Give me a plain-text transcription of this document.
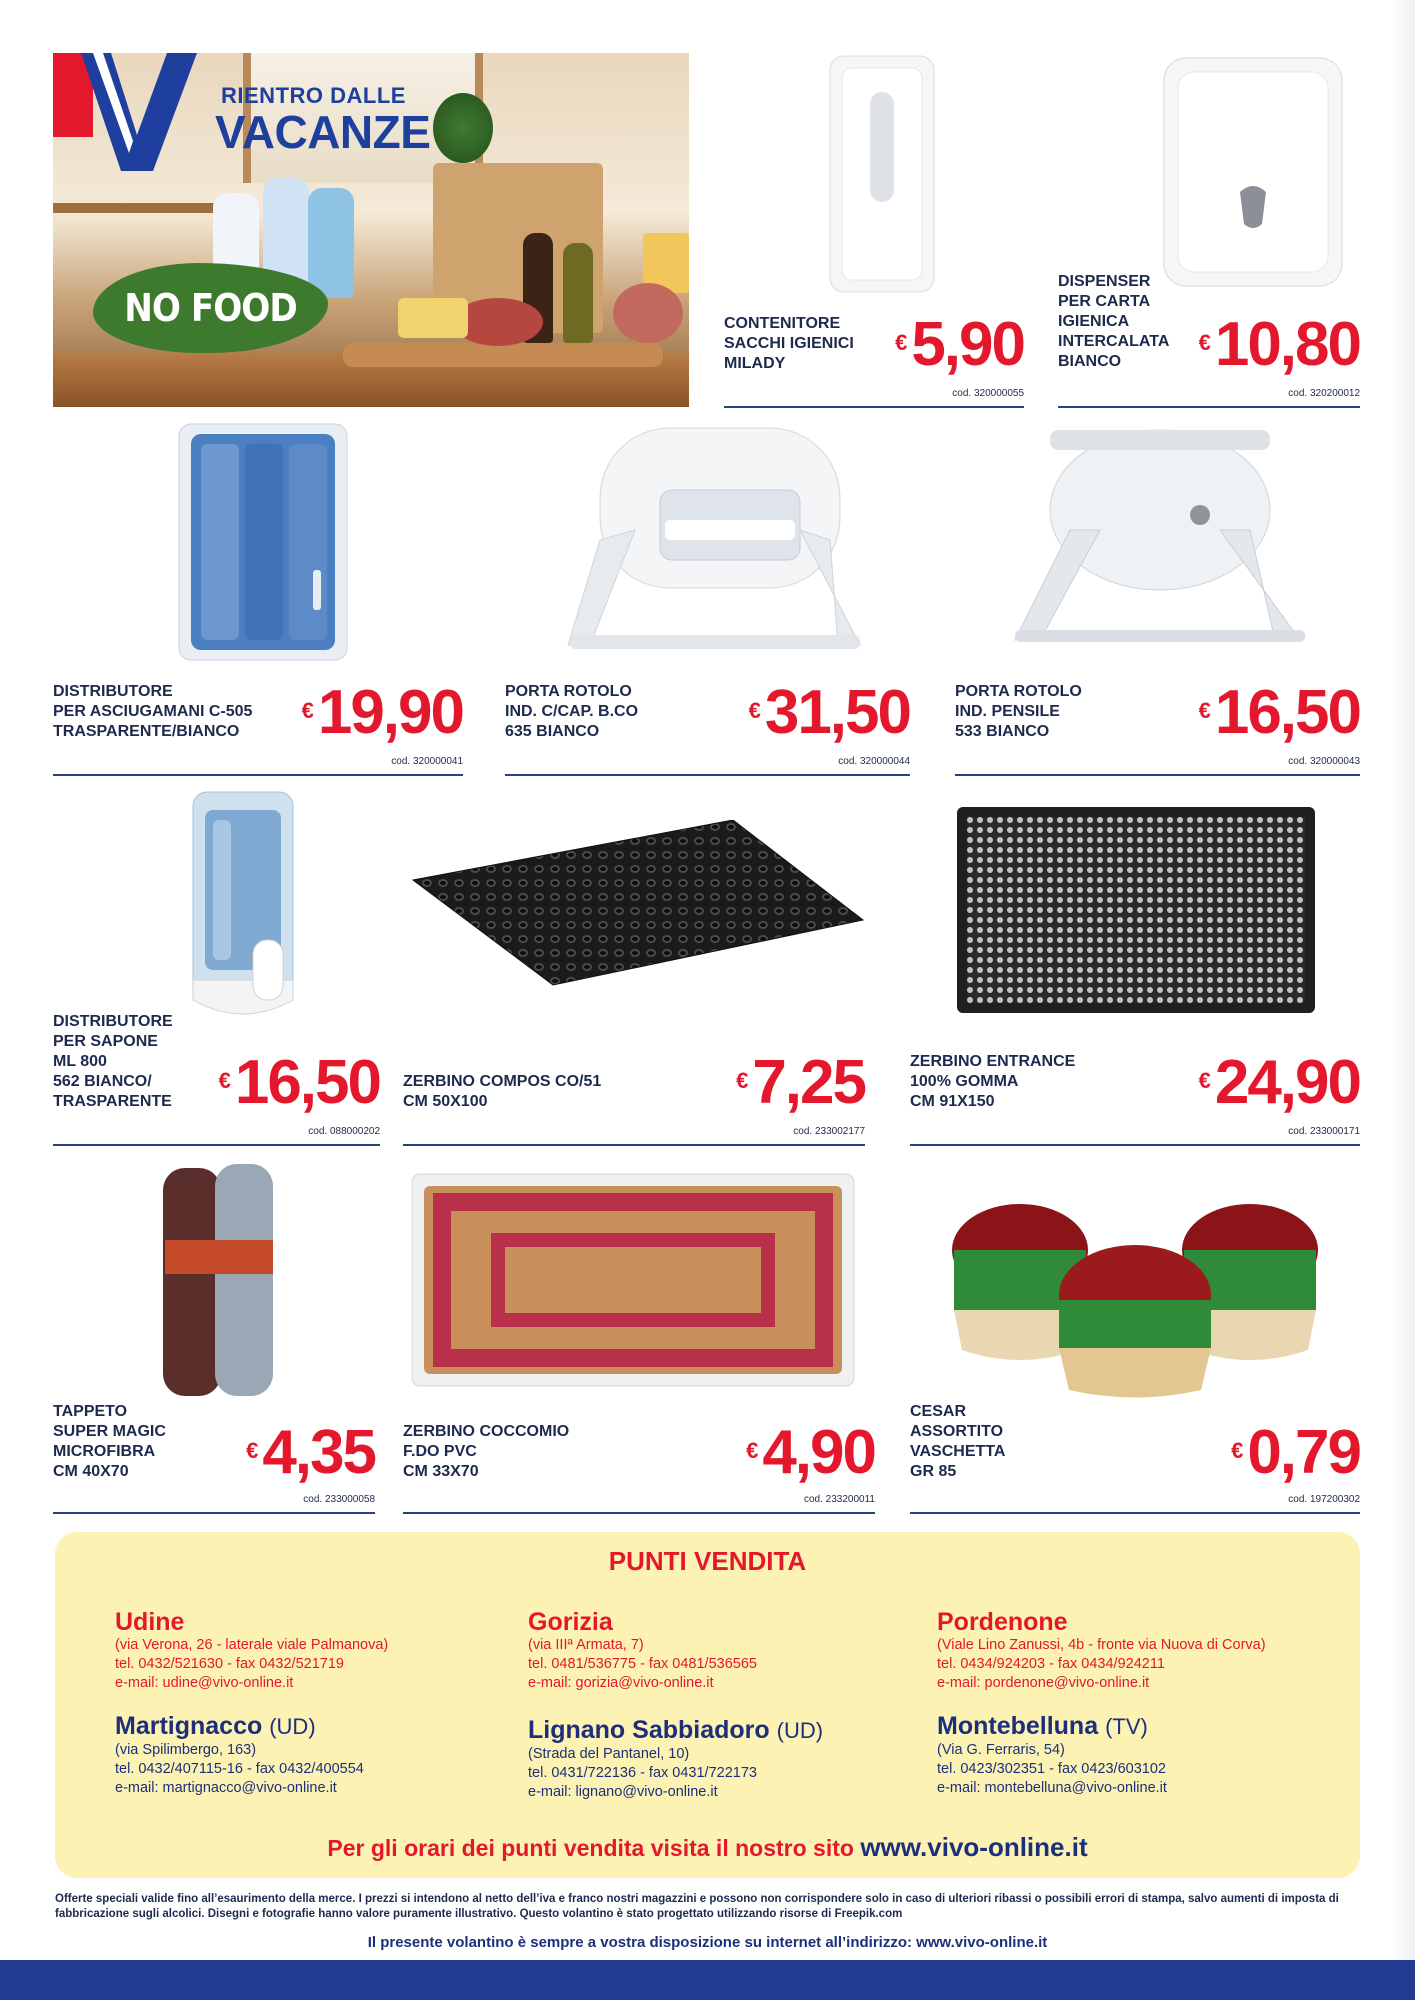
RIENTRO DALLE
VACANZE
NO FOOD	CONTENITORE
SACCHI IGIENICI
MILADY
€5,90
cod. 320000055
DISPENSER
PER CARTA
IGIENICA
INTERCALATA
BIANCO
€10,80
cod. 320200012
DISTRIBUTORE
PER ASCIUGAMANI C-505
TRASPARENTE/BIANCO
€19,90
cod. 320000041
PORTA ROTOLO
IND. C/CAP. B.CO
635 BIANCO
€31,50
cod. 320000044
PORTA ROTOLO
IND. PENSILE
533 BIANCO
€16,50
cod. 320000043
DISTRIBUTORE
PER SAPONE
ML 800
562 BIANCO/
TRASPARENTE
€16,50
cod. 088000202
ZERBINO COMPOS CO/51
CM 50X100
€7,25
cod. 233002177
ZERBINO ENTRANCE
100% GOMMA
CM 91X150
€24,90
cod. 233000171
TAPPETO
SUPER MAGIC
MICROFIBRA
CM 40X70
€4,35
cod. 233000058
ZERBINO COCCOMIO
F.DO PVC
CM 33X70
€4,90
cod. 233200011
CESAR
ASSORTITO
VASCHETTA
GR 85
€0,79
cod. 197200302
PUNTI VENDITA
Udine
(via Verona, 26 - laterale viale Palmanova)
tel. 0432/521630 - fax 0432/521719
e-mail: udine@vivo-online.it
Gorizia
(via IIIª Armata, 7)
tel. 0481/536775 - fax 0481/536565
e-mail: gorizia@vivo-online.it
Pordenone
(Viale Lino Zanussi, 4b - fronte via Nuova di Corva)
tel. 0434/924203 - fax 0434/924211
e-mail: pordenone@vivo-online.it
Martignacco (UD)
(via Spilimbergo, 163)
tel. 0432/407115-16 - fax 0432/400554
e-mail: martignacco@vivo-online.it
Lignano Sabbiadoro (UD)
(Strada del Pantanel, 10)
tel. 0431/722136 - fax 0431/722173
e-mail: lignano@vivo-online.it
Montebelluna (TV)
(Via G. Ferraris, 54)
tel. 0423/302351 - fax 0423/603102
e-mail: montebelluna@vivo-online.it
Per gli orari dei punti vendita visita il nostro sito www.vivo-online.it
Offerte speciali valide fino all’esaurimento della merce. I prezzi si intendono al netto dell’iva e franco nostri magazzini e possono non corrispondere solo in caso di ulteriori ribassi o possibili errori di stampa, salvo aumenti di imposta di fabbricazione sugli alcolici. Disegni e fotografie hanno valore puramente illustrativo. Questo volantino è stato progettato utilizzando risorse di Freepik.com
Il presente volantino è sempre a vostra disposizione su internet all’indirizzo: www.vivo-online.it
